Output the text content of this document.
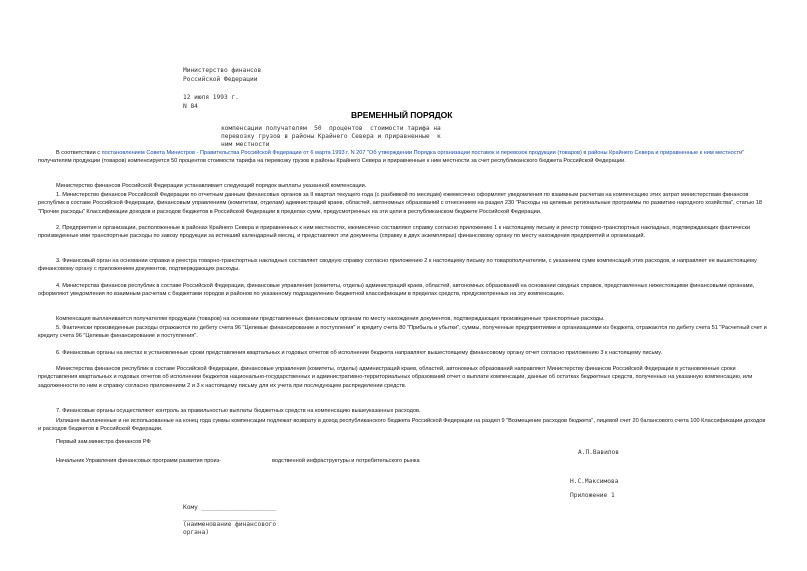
Министерство финансов
Российской Федерации
12 июля 1993 г.
N 84
ВРЕМЕННЫЙ ПОРЯДОК
компенсации получателям  50  процентов  стоимости тарифа на
перевозку грузов в районы Крайнего Севера и приравненные  к
ним местности
В соответствии с постановлением Совета Министров - Правительства Российской Федерации от 6 марта 1993 г. N 207 "Об утверждении Порядка организации поставок и перевозок продукции (товаров) в районы Крайнего Севера и приравненные к ним местности" получателям продукции (товаров) компенсируется 50 процентов стоимости тарифа на перевозку грузов в районы Крайнего Севера и приравненные к ним местности за счет республиканского бюджета Российской Федерации.
Министерство финансов Российской Федерации устанавливает следующий порядок выплаты указанной компенсации.
1. Министерство финансов Российской Федерации по отчетным данным финансовых органов за II квартал текущего года (с разбивкой по месяцам) ежемесячно оформляет уведомления по взаимным расчетам на компенсацию этих затрат министерствам финансов республик в составе Российской Федерации, финансовым управлениям (комитетам, отделам) администраций краев, областей, автономных образований с отнесением на раздел 230 "Расходы на целевые региональные программы по развитию народного хозяйства", статью 18 "Прочие расходы" Классификации доходов и расходов бюджетов в Российской Федерации в пределах сумм, предусмотренных на эти цели в республиканском бюджете Российской Федерации.
2. Предприятия и организации, расположенные в районах Крайнего Севера и приравненных к ним местностях, ежемесячно составляют справку согласно приложению 1 к настоящему письму и реестр товарно-транспортных накладных, подтверждающих фактически произведенные ими транспортные расходы по завозу продукции за истекший календарный месяц, и представляют эти документы (справку в двух экземплярах) финансовому органу по месту нахождения предприятий и организаций.
3. Финансовый орган на основании справки и реестра товарно-транспортных накладных составляет сводную справку согласно приложению 2 к настоящему письму по товарополучателям, с указанием сумм компенсаций этих расходов, и направляет ее вышестоящему финансовому органу с приложением документов, подтверждающих расходы.
4. Министерства финансов республик в составе Российской Федерации, финансовые управления (комитеты, отделы) администраций краев, областей, автономных образований на основании сводных справок, представленных нижестоящими финансовыми органами, оформляют уведомления по взаимным расчетам с бюджетами городов и районов по указанному подразделению бюджетной классификации в пределах средств, предусмотренных на эту компенсацию.
Компенсация выплачивается получателям продукции (товаров) на основании представленных финансовым органам по месту нахождения документов, подтверждающих произведенные транспортные расходы.
5. Фактически произведенные расходы отражаются по дебету счета 96 "Целевые финансирование и поступления" и кредиту счета 80 "Прибыль и убытки", суммы, полученные предприятиями и организациями из бюджета, отражаются по дебету счета 51 "Расчетный счет и кредиту счета 96 "Целевые финансирование и поступления".
6. Финансовые органы на местах в установленные сроки представления квартальных и годовых отчетов об исполнении бюджета направляют вышестоящему финансовому органу отчет согласно приложению 3 к настоящему письму.
Министерства финансов республик в составе Российской Федерации, финансовые управления (комитеты, отделы) администраций краев, областей, автономных образований направляют Министерству финансов Российской Федерации в установленные сроки представления квартальных и годовых отчетов об исполнении бюджетов национально-государственных и административно-территориальных образований отчет о выплате компенсации, данные об остатках бюджетных средств, полученных на указанную компенсацию, или задолженности по ним и справку согласно приложениям 2 и 3 к настоящему письму для их учета при последующем распределении средств.
7. Финансовые органы осуществляют контроль за правильностью выплаты бюджетных средств на компенсацию вышеуказанных расходов.
Излишне выплаченные и не использованные на конец года суммы компенсации подлежат возврату в доход республиканского бюджета Российской Федерации на раздел 9 "Возмещение расходов бюджета", лицевой счет 20 балансового счета 100 Классификации доходов и расходов бюджетов в Российской Федерации.
Первый зам.министра финансов РФ
А.П.Вавилов
Начальник Управления финансовых программ развития произ-	водственной инфраструктуры и потребительского рынка
Н.С.Максимова
Приложение 1
Кому ____________________
_________________________
(наименование финансового
органа)
